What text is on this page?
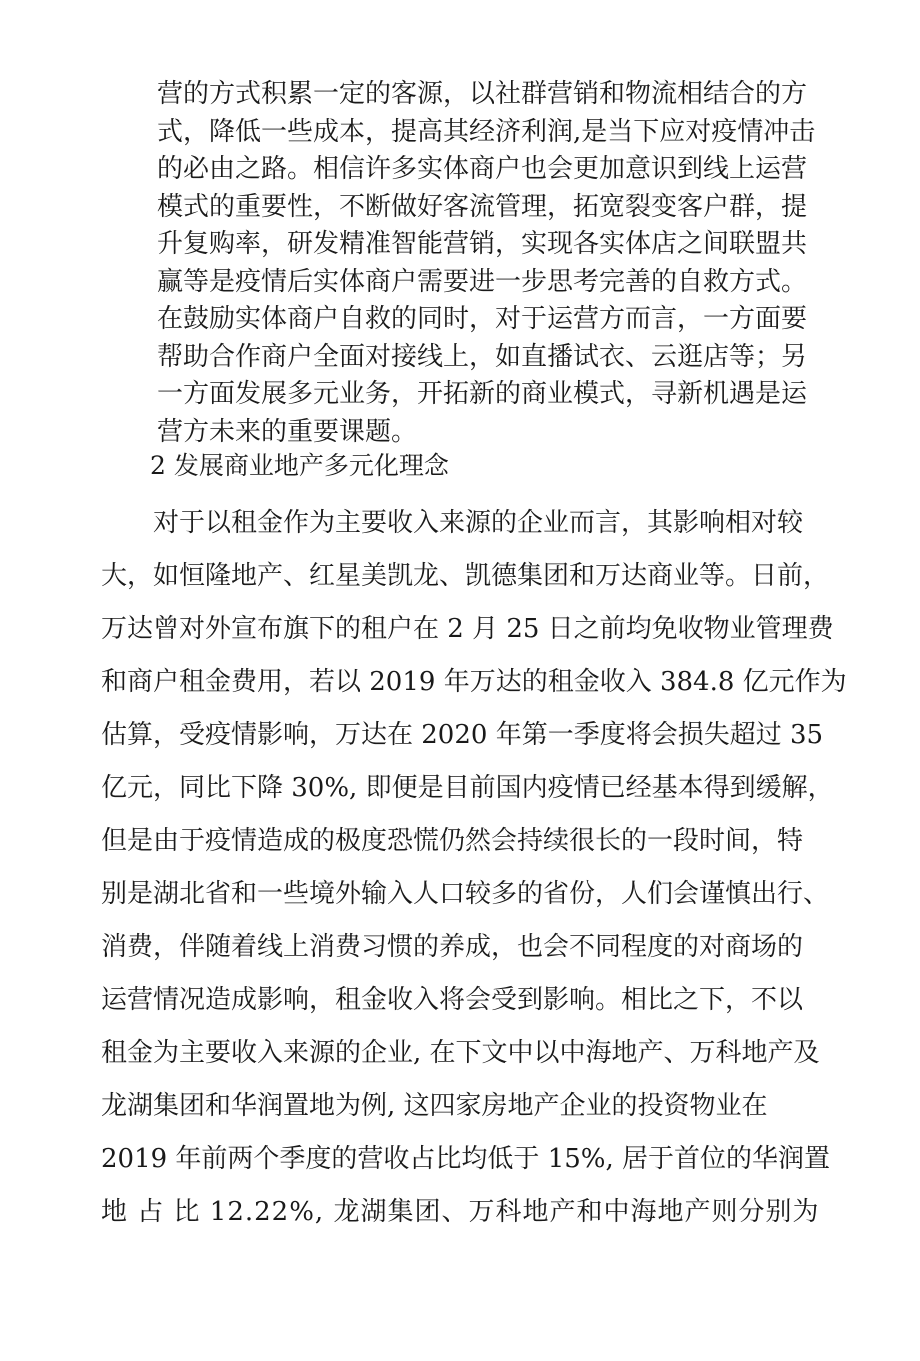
营的方式积累一定的客源，以社群营销和物流相结合的方
式，降低一些成本，提高其经济利润,是当下应对疫情冲击
的必由之路。相信许多实体商户也会更加意识到线上运营
模式的重要性，不断做好客流管理，拓宽裂变客户群，提
升复购率，研发精准智能营销，实现各实体店之间联盟共
赢等是疫情后实体商户需要进一步思考完善的自救方式。
在鼓励实体商户自救的同时，对于运营方而言，一方面要
帮助合作商户全面对接线上，如直播试衣、云逛店等；另
一方面发展多元业务，开拓新的商业模式，寻新机遇是运
营方未来的重要课题。
2 发展商业地产多元化理念
对于以租金作为主要收入来源的企业而言，其影响相对较
大，如恒隆地产、红星美凯龙、凯德集团和万达商业等。日前，
万达曾对外宣布旗下的租户在 2 月 25 日之前均免收物业管理费
和商户租金费用，若以 2019 年万达的租金收入 384.8 亿元作为
估算，受疫情影响，万达在 2020 年第一季度将会损失超过 35
亿元，同比下降 30%, 即便是目前国内疫情已经基本得到缓解，
但是由于疫情造成的极度恐慌仍然会持续很长的一段时间，特
别是湖北省和一些境外输入人口较多的省份，人们会谨慎出行、
消费，伴随着线上消费习惯的养成，也会不同程度的对商场的
运营情况造成影响，租金收入将会受到影响。相比之下，不以
租金为主要收入来源的企业, 在下文中以中海地产、万科地产及
龙湖集团和华润置地为例, 这四家房地产企业的投资物业在
2019 年前两个季度的营收占比均低于 15%, 居于首位的华润置
地 占 比 12.22%, 龙湖集团、万科地产和中海地产则分别为
